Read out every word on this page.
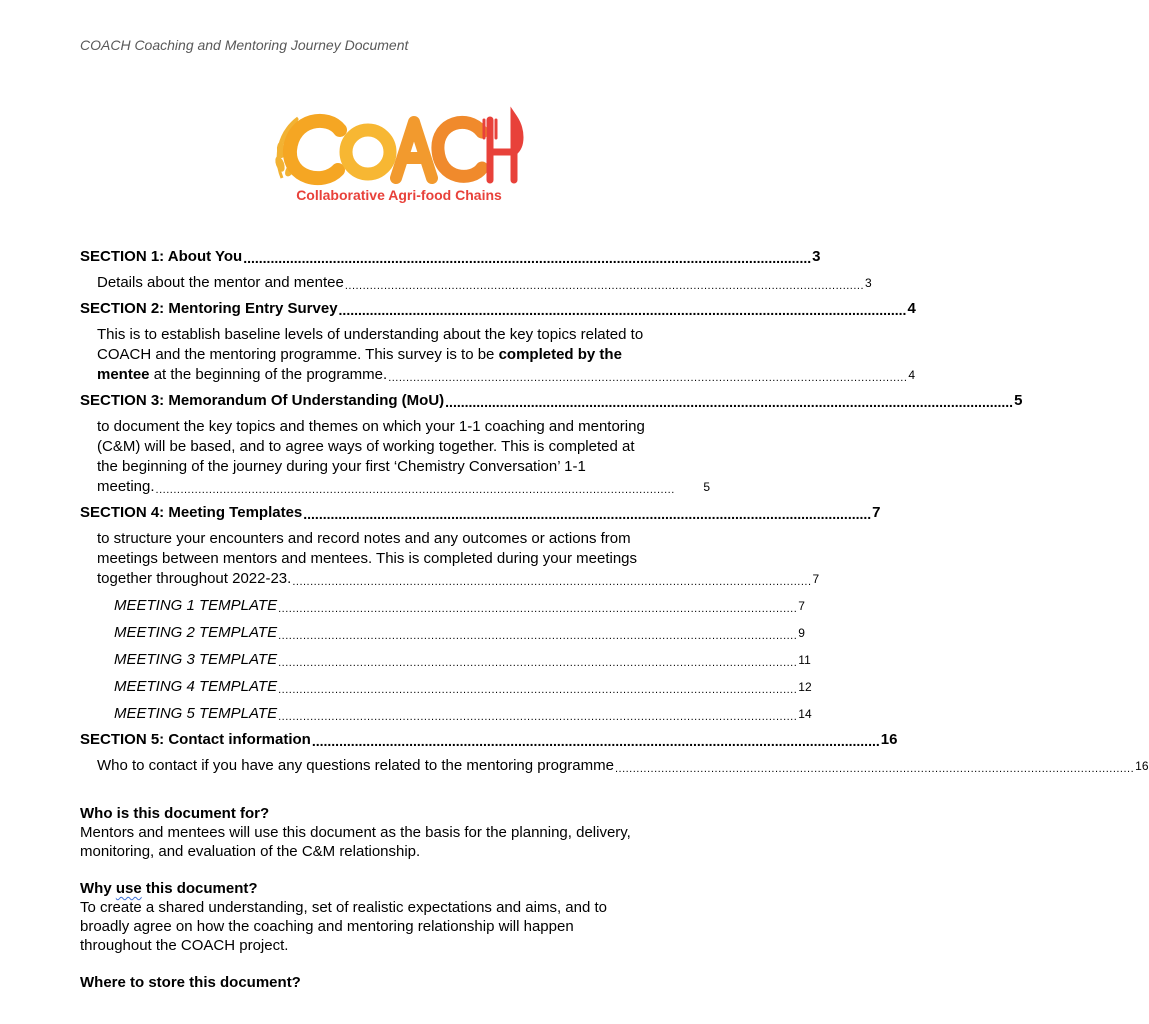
COACH Coaching and Mentoring Journey Document
Collaborative Agri-food Chains
SECTION 1: About You .................................................................................................................................................. 3
Details about the mentor and mentee .................................................................................................................................................. 3
SECTION 2: Mentoring Entry Survey .................................................................................................................................................. 4
This is to establish baseline levels of understanding about the key topics related to
COACH and the mentoring programme. This survey is to be completed by the
mentee at the beginning of the programme. .................................................................................................................................................. 4
SECTION 3: Memorandum Of Understanding (MoU) .................................................................................................................................................. 5
to document the key topics and themes on which your 1-1 coaching and mentoring
(C&M) will be based, and to agree ways of working together. This is completed at
the beginning of the journey during your first ‘Chemistry Conversation’ 1-1
meeting. ..................................................................................................................................................	5
SECTION 4: Meeting Templates .................................................................................................................................................. 7
to structure your encounters and record notes and any outcomes or actions from
meetings between mentors and mentees. This is completed during your meetings
together throughout 2022-23. .................................................................................................................................................. 7
MEETING 1 TEMPLATE .................................................................................................................................................. 7
MEETING 2 TEMPLATE .................................................................................................................................................. 9
MEETING 3 TEMPLATE .................................................................................................................................................. 11
MEETING 4 TEMPLATE .................................................................................................................................................. 12
MEETING 5 TEMPLATE .................................................................................................................................................. 14
SECTION 5: Contact information .................................................................................................................................................. 16
Who to contact if you have any questions related to the mentoring programme .................................................................................................................................................. 16
Who is this document for?
Mentors and mentees will use this document as the basis for the planning, delivery,
monitoring, and evaluation of the C&M relationship.
Why use this document?
To create a shared understanding, set of realistic expectations and aims, and to
broadly agree on how the coaching and mentoring relationship will happen
throughout the COACH project.
Where to store this document?
